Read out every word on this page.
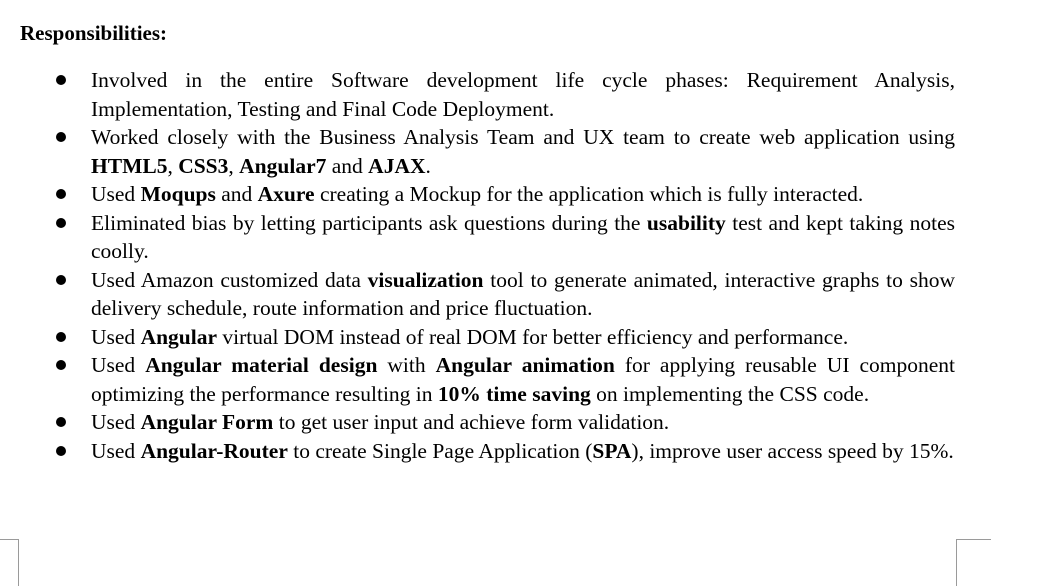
Responsibilities:
Involved in the entire Software development life cycle phases: Requirement Analysis, Implementation, Testing and Final Code Deployment.
Worked closely with the Business Analysis Team and UX team to create web application using HTML5, CSS3, Angular7 and AJAX.
Used Moqups and Axure creating a Mockup for the application which is fully interacted.
Eliminated bias by letting participants ask questions during the usability test and kept taking notes coolly.
Used Amazon customized data visualization tool to generate animated, interactive graphs to show delivery schedule, route information and price fluctuation.
Used Angular virtual DOM instead of real DOM for better efficiency and performance.
Used Angular material design with Angular animation for applying reusable UI component optimizing the performance resulting in 10% time saving on implementing the CSS code.
Used Angular Form to get user input and achieve form validation.
Used Angular-Router to create Single Page Application (SPA), improve user access speed by 15%.
